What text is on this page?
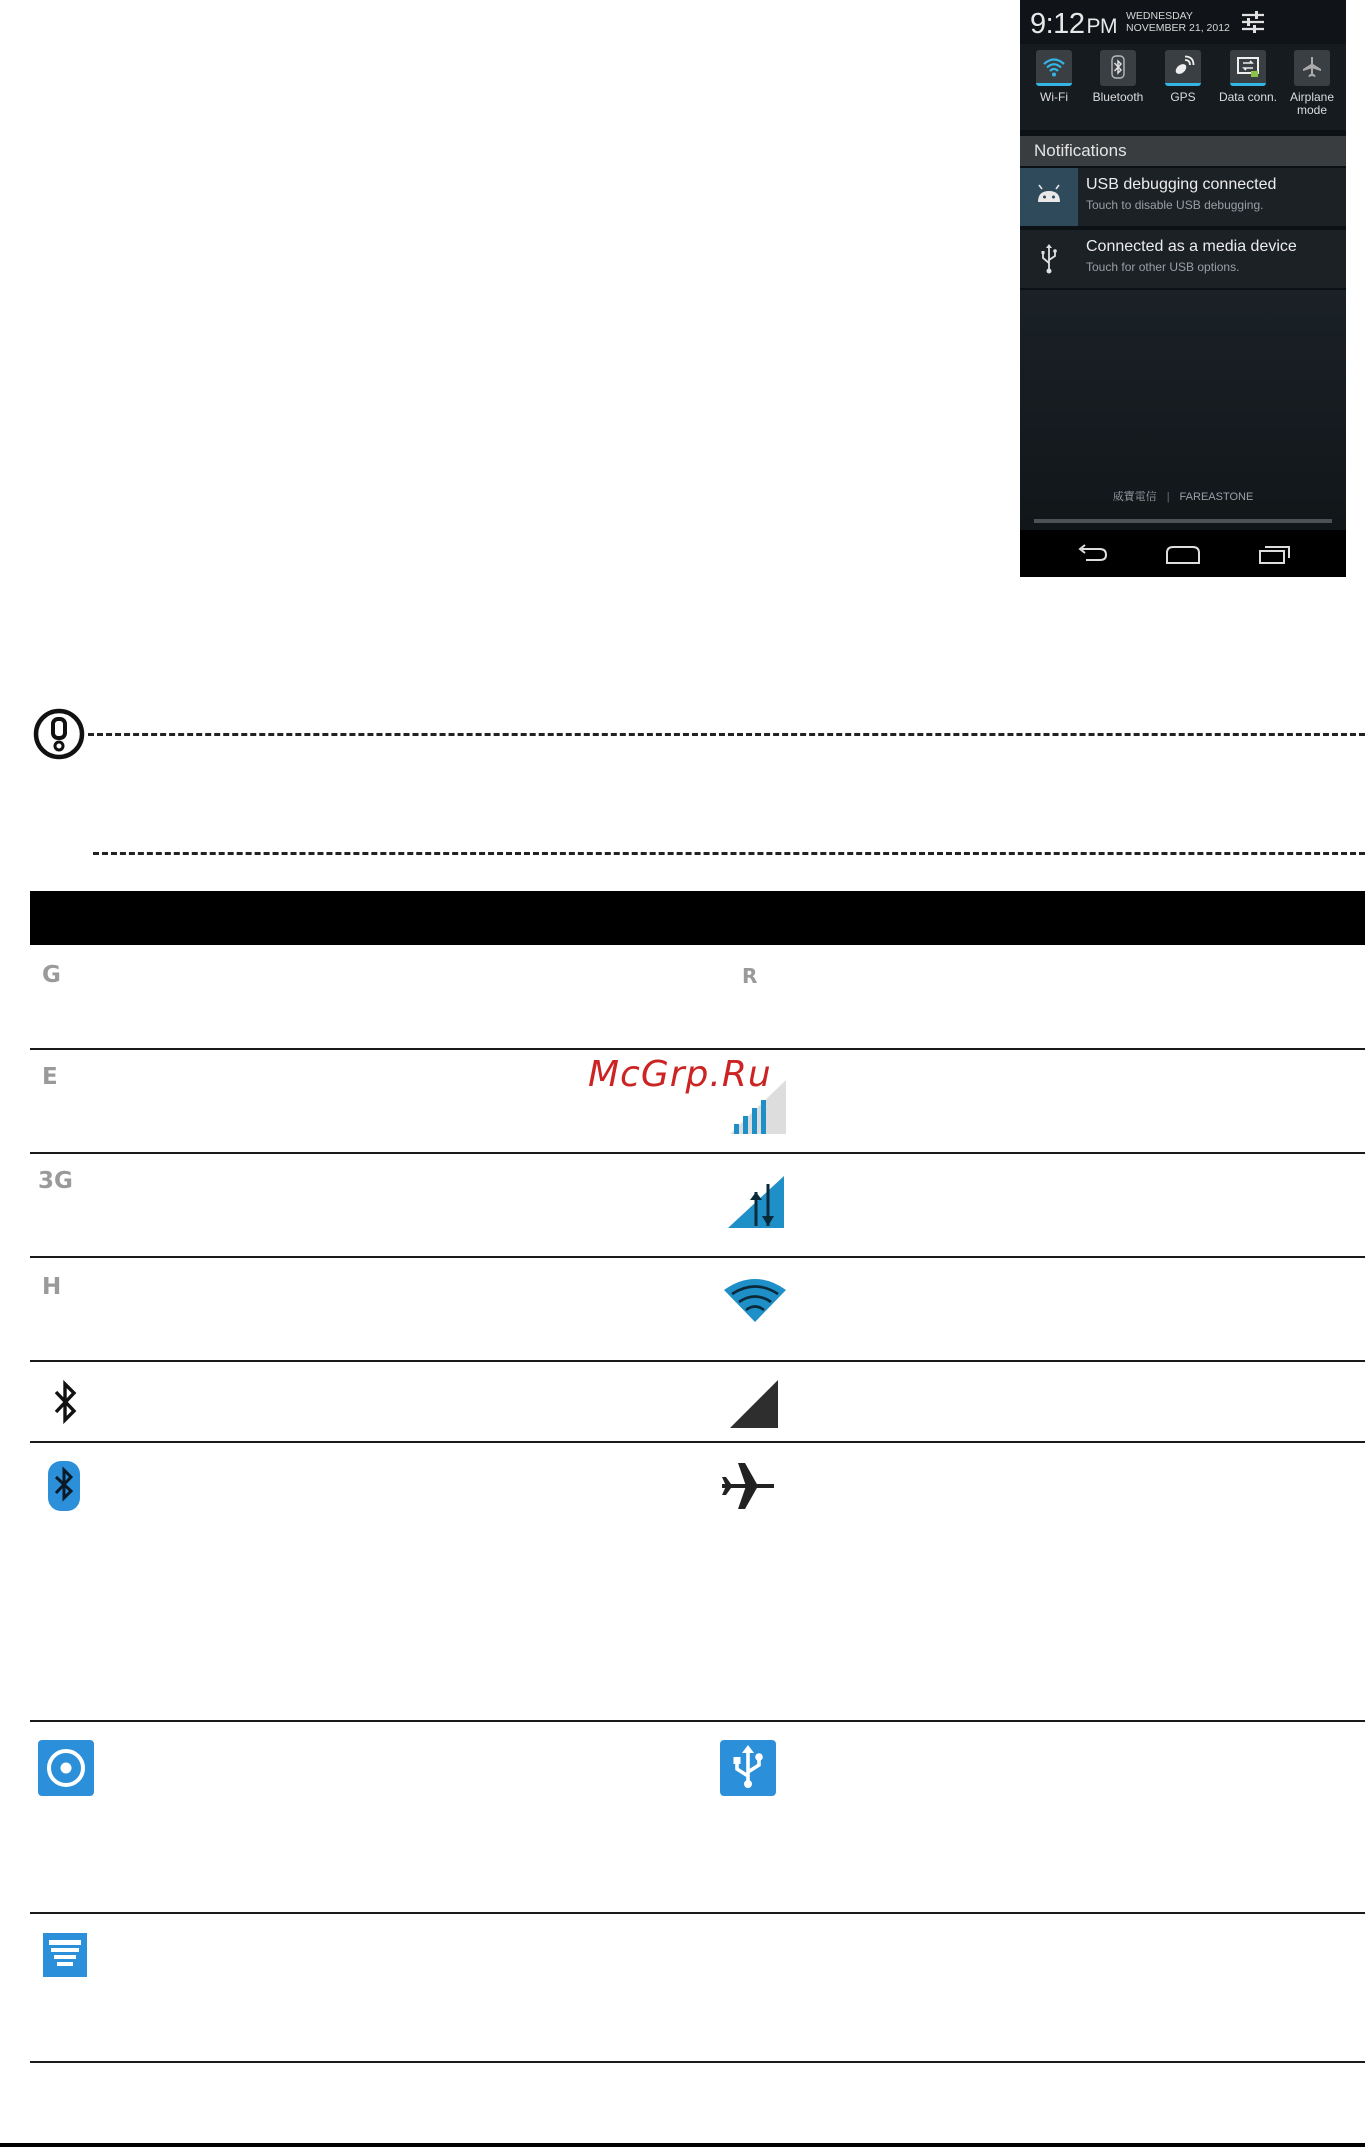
9:12PM WEDNESDAY
NOVEMBER 21, 2012
Wi-Fi	Bluetooth	GPS	Data conn.	Airplane mode
Notifications
USB debugging connected
Touch to disable USB debugging.
Connected as a media device
Touch for other USB options.
威寶電信 | FAREASTONE
G	R
E
3G
H
McGrp.Ru
